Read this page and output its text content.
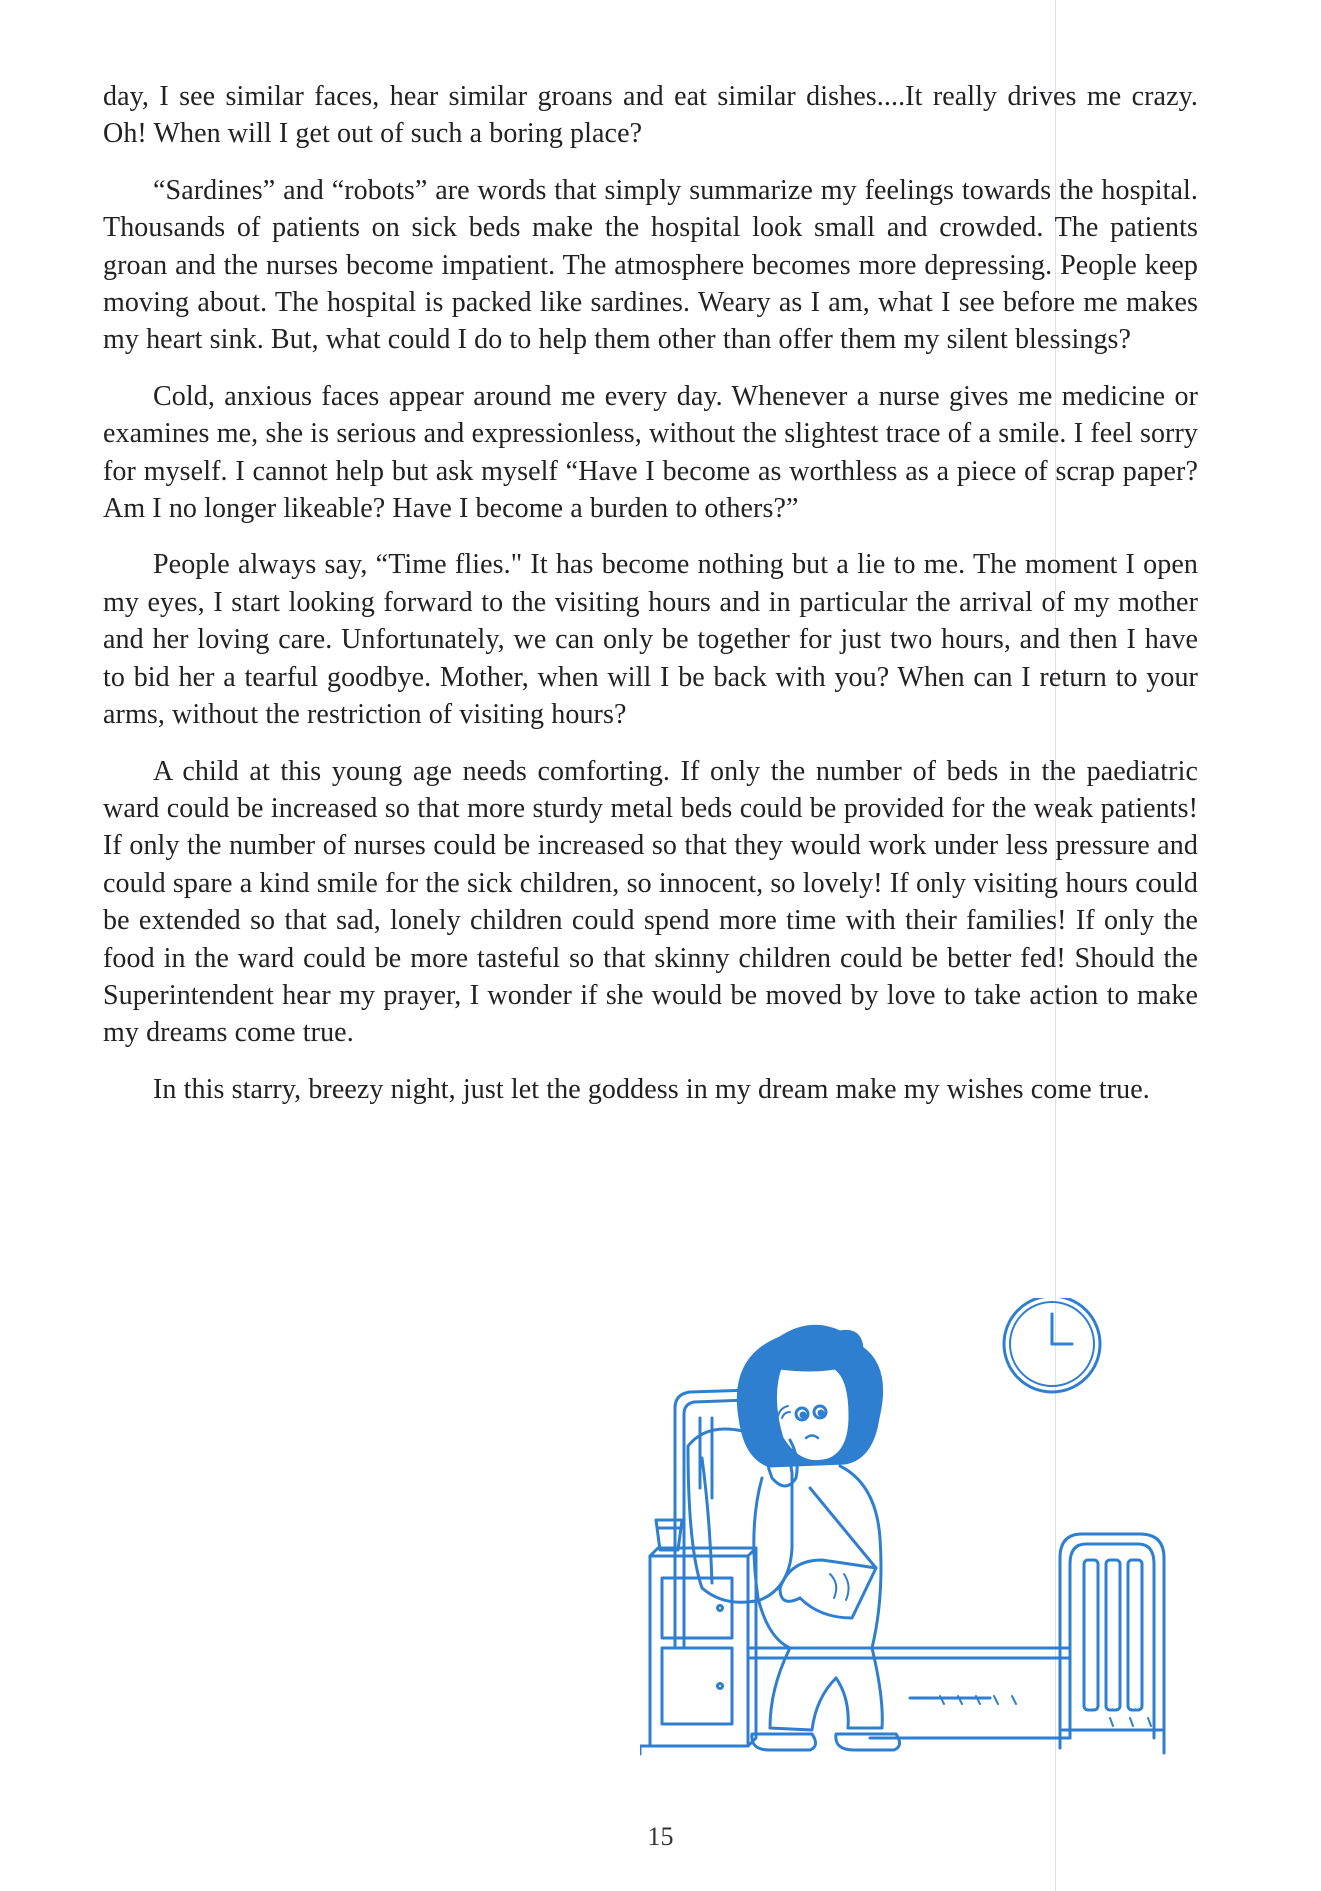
day, I see similar faces, hear similar groans and eat similar dishes....It really drives me crazy. Oh! When will I get out of such a boring place?

“Sardines” and “robots” are words that simply summarize my feelings towards the hospital. Thousands of patients on sick beds make the hospital look small and crowded. The patients groan and the nurses become impatient. The atmosphere becomes more depressing. People keep moving about. The hospital is packed like sardines. Weary as I am, what I see before me makes my heart sink. But, what could I do to help them other than offer them my silent blessings?

Cold, anxious faces appear around me every day. Whenever a nurse gives me medicine or examines me, she is serious and expressionless, without the slightest trace of a smile. I feel sorry for myself. I cannot help but ask myself “Have I become as worthless as a piece of scrap paper? Am I no longer likeable? Have I become a burden to others?”

People always say, “Time flies." It has become nothing but a lie to me. The moment I open my eyes, I start looking forward to the visiting hours and in particular the arrival of my mother and her loving care. Unfortunately, we can only be together for just two hours, and then I have to bid her a tearful goodbye. Mother, when will I be back with you? When can I return to your arms, without the restriction of visiting hours?

A child at this young age needs comforting. If only the number of beds in the paediatric ward could be increased so that more sturdy metal beds could be provided for the weak patients! If only the number of nurses could be increased so that they would work under less pressure and could spare a kind smile for the sick children, so innocent, so lovely! If only visiting hours could be extended so that sad, lonely children could spend more time with their families! If only the food in the ward could be more tasteful so that skinny children could be better fed! Should the Superintendent hear my prayer, I wonder if she would be moved by love to take action to make my dreams come true.

In this starry, breezy night, just let the goddess in my dream make my wishes come true.

15
